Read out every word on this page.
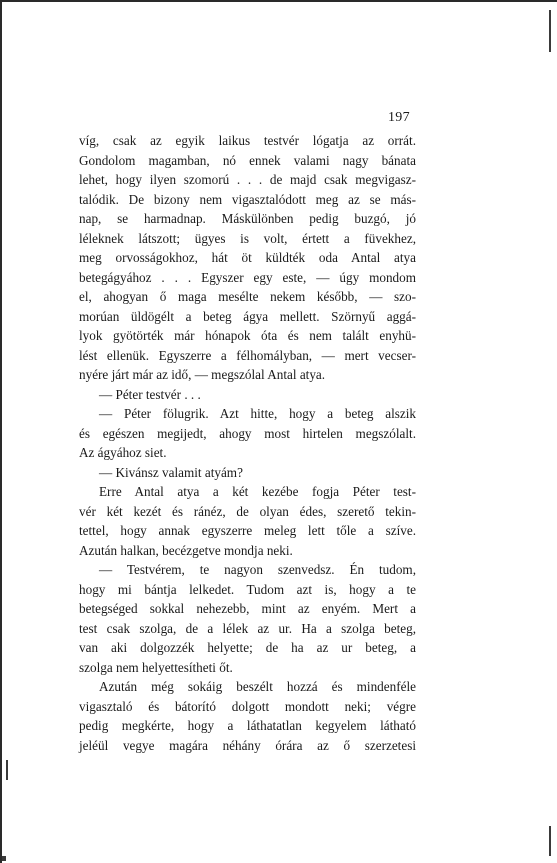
197
víg, csak az egyik laikus testvér lógatja az orrát.
Gondolom magamban, nó ennek valami nagy bánata
lehet, hogy ilyen szomorú . . . de majd csak megvigasz-
talódik. De bizony nem vigasztalódott meg az se más-
nap, se harmadnap. Máskülönben pedig buzgó, jó
léleknek látszott; ügyes is volt, értett a füvekhez,
meg orvosságokhoz, hát öt küldték oda Antal atya
betegágyához . . . Egyszer egy este, — úgy mondom
el, ahogyan ő maga mesélte nekem később, — szo-
morúan üldögélt a beteg ágya mellett. Szörnyű aggá-
lyok gyötörték már hónapok óta és nem talált enyhü-
lést ellenük. Egyszerre a félhomályban, — mert vecser-
nyére járt már az idő, — megszólal Antal atya.
— Péter testvér . . .
— Péter fölugrik. Azt hitte, hogy a beteg alszik
és egészen megijedt, ahogy most hirtelen megszólalt.
Az ágyához siet.
— Kivánsz valamit atyám?
Erre Antal atya a két kezébe fogja Péter test-
vér két kezét és ránéz, de olyan édes, szerető tekin-
tettel, hogy annak egyszerre meleg lett tőle a szíve.
Azután halkan, becézgetve mondja neki.
— Testvérem, te nagyon szenvedsz. Én tudom,
hogy mi bántja lelkedet. Tudom azt is, hogy a te
betegséged sokkal nehezebb, mint az enyém. Mert a
test csak szolga, de a lélek az ur. Ha a szolga beteg,
van aki dolgozzék helyette; de ha az ur beteg, a
szolga nem helyettesítheti őt.
Azután még sokáig beszélt hozzá és mindenféle
vigasztaló és bátorító dolgott mondott neki; végre
pedig megkérte, hogy a láthatatlan kegyelem látható
jeléül vegye magára néhány órára az ő szerzetesi
